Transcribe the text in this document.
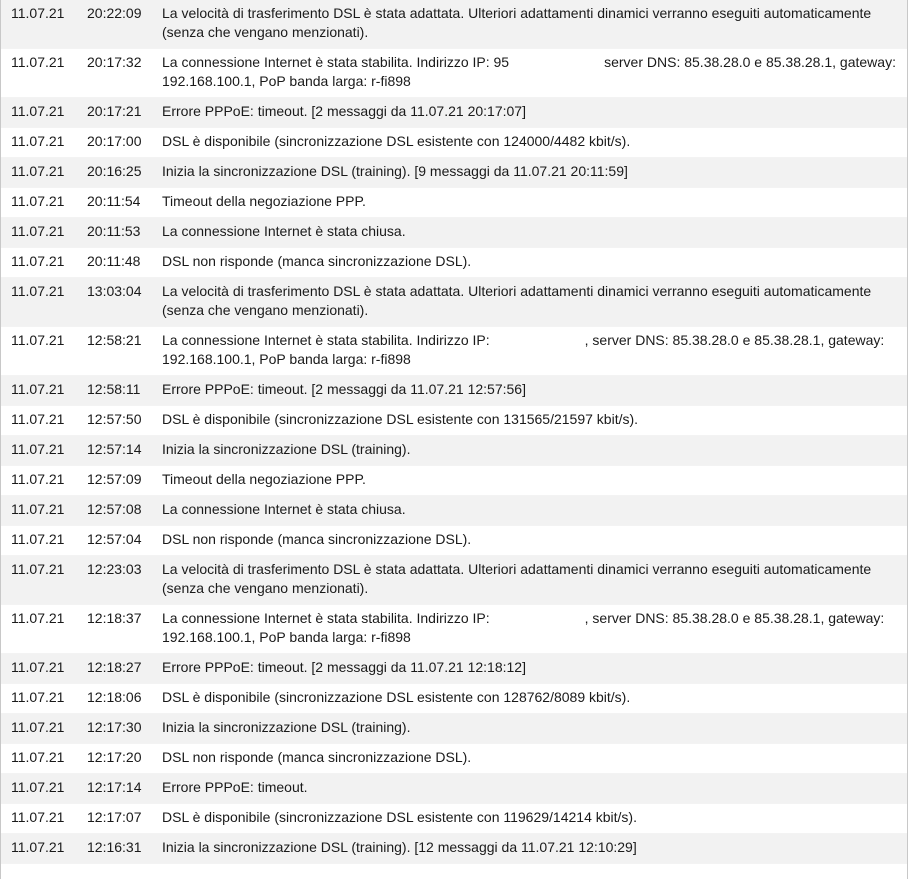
11.07.21	20:22:09	La velocità di trasferimento DSL è stata adattata. Ulteriori adattamenti dinamici verranno eseguiti automaticamente (senza che vengano menzionati).
11.07.21	20:17:32	La connessione Internet è stata stabilita. Indirizzo IP: 95	server DNS: 85.38.28.0 e 85.38.28.1, gateway: 192.168.100.1, PoP banda larga: r-fi898
11.07.21	20:17:21	Errore PPPoE: timeout. [2 messaggi da 11.07.21 20:17:07]
11.07.21	20:17:00	DSL è disponibile (sincronizzazione DSL esistente con 124000/4482 kbit/s).
11.07.21	20:16:25	Inizia la sincronizzazione DSL (training). [9 messaggi da 11.07.21 20:11:59]
11.07.21	20:11:54	Timeout della negoziazione PPP.
11.07.21	20:11:53	La connessione Internet è stata chiusa.
11.07.21	20:11:48	DSL non risponde (manca sincronizzazione DSL).
11.07.21	13:03:04	La velocità di trasferimento DSL è stata adattata. Ulteriori adattamenti dinamici verranno eseguiti automaticamente (senza che vengano menzionati).
11.07.21	12:58:21	La connessione Internet è stata stabilita. Indirizzo IP:	, server DNS: 85.38.28.0 e 85.38.28.1, gateway: 192.168.100.1, PoP banda larga: r-fi898
11.07.21	12:58:11	Errore PPPoE: timeout. [2 messaggi da 11.07.21 12:57:56]
11.07.21	12:57:50	DSL è disponibile (sincronizzazione DSL esistente con 131565/21597 kbit/s).
11.07.21	12:57:14	Inizia la sincronizzazione DSL (training).
11.07.21	12:57:09	Timeout della negoziazione PPP.
11.07.21	12:57:08	La connessione Internet è stata chiusa.
11.07.21	12:57:04	DSL non risponde (manca sincronizzazione DSL).
11.07.21	12:23:03	La velocità di trasferimento DSL è stata adattata. Ulteriori adattamenti dinamici verranno eseguiti automaticamente (senza che vengano menzionati).
11.07.21	12:18:37	La connessione Internet è stata stabilita. Indirizzo IP:	, server DNS: 85.38.28.0 e 85.38.28.1, gateway: 192.168.100.1, PoP banda larga: r-fi898
11.07.21	12:18:27	Errore PPPoE: timeout. [2 messaggi da 11.07.21 12:18:12]
11.07.21	12:18:06	DSL è disponibile (sincronizzazione DSL esistente con 128762/8089 kbit/s).
11.07.21	12:17:30	Inizia la sincronizzazione DSL (training).
11.07.21	12:17:20	DSL non risponde (manca sincronizzazione DSL).
11.07.21	12:17:14	Errore PPPoE: timeout.
11.07.21	12:17:07	DSL è disponibile (sincronizzazione DSL esistente con 119629/14214 kbit/s).
11.07.21	12:16:31	Inizia la sincronizzazione DSL (training). [12 messaggi da 11.07.21 12:10:29]
